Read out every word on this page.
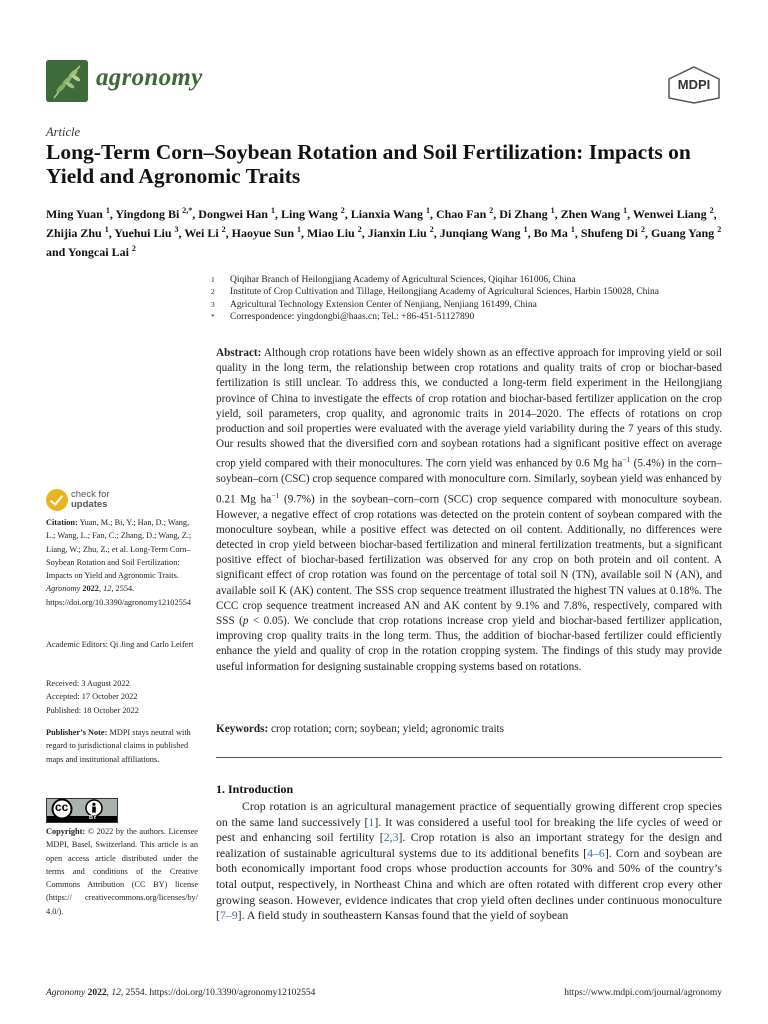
agronomy	MDPI
Article
Long-Term Corn–Soybean Rotation and Soil Fertilization: Impacts on Yield and Agronomic Traits
Ming Yuan $^1$, Yingdong Bi $^{2,*}$, Dongwei Han $^1$, Ling Wang $^2$, Lianxia Wang $^1$, Chao Fan $^2$, Di Zhang $^1$, Zhen Wang $^1$, Wenwei Liang $^2$, Zhijia Zhu $^1$, Yuehui Liu $^3$, Wei Li $^2$, Haoyue Sun $^1$, Miao Liu $^2$, Jianxin Liu $^2$, Junqiang Wang $^1$, Bo Ma $^1$, Shufeng Di $^2$, Guang Yang $^2$ and Yongcai Lai $^2$
1	Qiqihar Branch of Heilongjiang Academy of Agricultural Sciences, Qiqihar 161006, China
2	Institute of Crop Cultivation and Tillage, Heilongjiang Academy of Agricultural Sciences, Harbin 150028, China
3	Agricultural Technology Extension Center of Nenjiang, Nenjiang 161499, China
*	Correspondence: yingdongbi@haas.cn; Tel.: +86-451-51127890
Abstract: Although crop rotations have been widely shown as an effective approach for improving yield or soil quality in the long term, the relationship between crop rotations and quality traits of crop or biochar-based fertilization is still unclear. To address this, we conducted a long-term field experiment in the Heilongjiang province of China to investigate the effects of crop rotation and biochar-based fertilizer application on the crop yield, soil parameters, crop quality, and agronomic traits in 2014–2020. The effects of rotations on crop production and soil properties were evaluated with the average yield variability during the 7 years of this study. Our results showed that the diversified corn and soybean rotations had a significant positive effect on average crop yield compared with their monocultures. The corn yield was enhanced by 0.6 Mg $ha^{-1}$ (5.4%) in the corn–soybean–corn (CSC) crop sequence compared with monoculture corn. Similarly, soybean yield was enhanced by 0.21 Mg $ha^{-1}$ (9.7%) in the soybean–corn–corn (SCC) crop sequence compared with monoculture soybean. However, a negative effect of crop rotations was detected on the protein content of soybean compared with the monoculture soybean, while a positive effect was detected on oil content. Additionally, no differences were detected in crop yield between biochar-based fertilization and mineral fertilization treatments, but a significant positive effect of biochar-based fertilization was observed for any crop on both protein and oil content. A significant effect of crop rotation was found on the percentage of total soil N (TN), available soil N (AN), and available soil K (AK) content. The SSS crop sequence treatment illustrated the highest TN values at 0.18%. The CCC crop sequence treatment increased AN and AK content by 9.1% and 7.8%, respectively, compared with SSS (p < 0.05). We conclude that crop rotations increase crop yield and biochar-based fertilizer application, improving crop quality traits in the long term. Thus, the addition of biochar-based fertilizer could efficiently enhance the yield and quality of crop in the rotation cropping system. The findings of this study may provide useful information for designing sustainable cropping systems based on rotations.
Keywords: crop rotation; corn; soybean; yield; agronomic traits
1. Introduction
Crop rotation is an agricultural management practice of sequentially growing different crop species on the same land successively [1]. It was considered a useful tool for breaking the life cycles of weed or pest and enhancing soil fertility [2,3]. Crop rotation is also an important strategy for the design and realization of sustainable agricultural systems due to its additional benefits [4–6]. Corn and soybean are both economically important food crops whose production accounts for 30% and 50% of the country’s total output, respectively, in Northeast China and which are often rotated with different crop every other growing season. However, evidence indicates that crop yield often declines under continuous monoculture [7–9]. A field study in southeastern Kansas found that the yield of soybean
check for
updates
Citation: Yuan, M.; Bi, Y.; Han, D.; Wang, L.; Wang, L.; Fan, C.; Zhang, D.; Wang, Z.; Liang, W.; Zhu, Z.; et al. Long-Term Corn–Soybean Rotation and Soil Fertilization: Impacts on Yield and Agronomic Traits. Agronomy 2022, 12, 2554. https://doi.org/10.3390/agronomy12102554
Academic Editors: Qi Jing and Carlo Leifert
Received: 3 August 2022
Accepted: 17 October 2022
Published: 18 October 2022
Publisher’s Note: MDPI stays neutral with regard to jurisdictional claims in published maps and institutional affiliations.
cc
BY
Copyright: © 2022 by the authors. Licensee MDPI, Basel, Switzerland. This article is an open access article distributed under the terms and conditions of the Creative Commons Attribution (CC BY) license (https:// creativecommons.org/licenses/by/ 4.0/).
Agronomy 2022, 12, 2554. https://doi.org/10.3390/agronomy12102554	https://www.mdpi.com/journal/agronomy
